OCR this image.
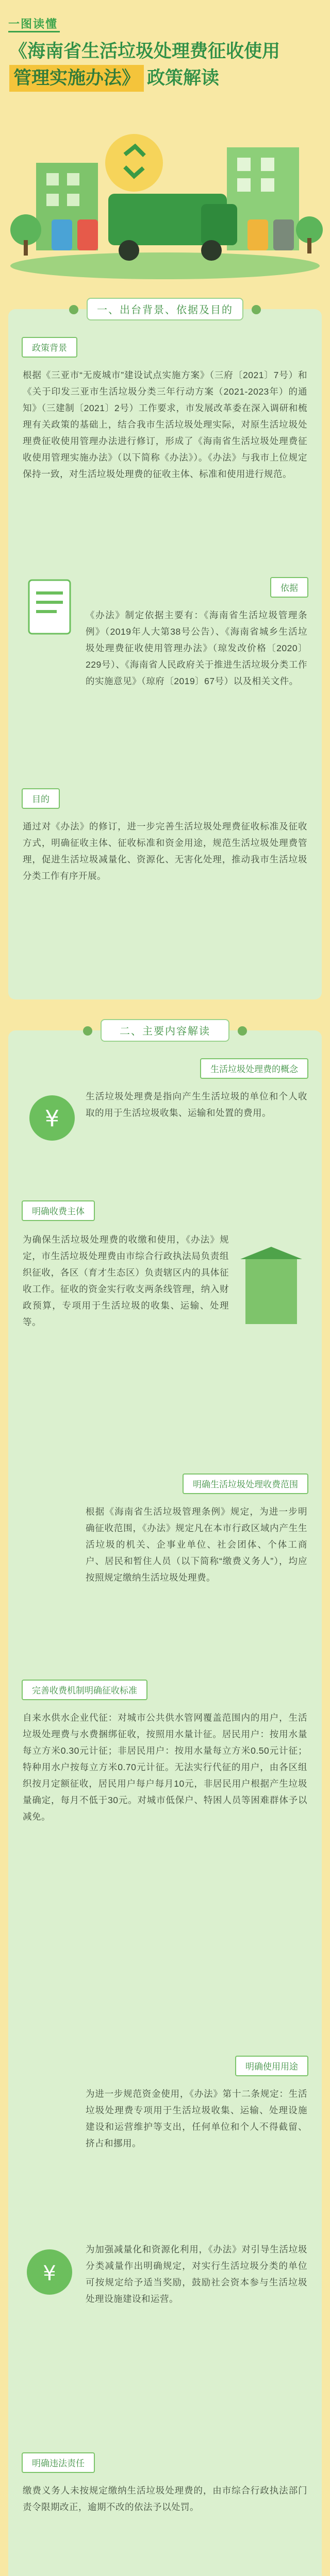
一图读懂
《海南省生活垃圾处理费征收使用
管理实施办法》 政策解读
一、出台背景、依据及目的
政策背景
根据《三亚市“无废城市”建设试点实施方案》（三府〔2021〕7号）和《关于印发三亚市生活垃圾分类三年行动方案（2021-2023年）的通知》（三建制〔2021〕2号）工作要求，市发展改革委在深入调研和梳理有关政策的基础上，结合我市生活垃圾处理实际，对原生活垃圾处理费征收使用管理办法进行修订，形成了《海南省生活垃圾处理费征收使用管理实施办法》（以下简称《办法》）。《办法》与我市上位规定保持一致，对生活垃圾处理费的征收主体、标准和使用进行规范。
依据
《办法》制定依据主要有：《海南省生活垃圾管理条例》（2019年人大第38号公告）、《海南省城乡生活垃圾处理费征收使用管理办法》（琼发改价格〔2020〕229号）、《海南省人民政府关于推进生活垃圾分类工作的实施意见》（琼府〔2019〕67号）以及相关文件。
目的
通过对《办法》的修订，进一步完善生活垃圾处理费征收标准及征收方式，明确征收主体、征收标准和资金用途，规范生活垃圾处理费管理，促进生活垃圾减量化、资源化、无害化处理，推动我市生活垃圾分类工作有序开展。
二、主要内容解读
生活垃圾处理费的概念
¥
生活垃圾处理费是指向产生生活垃圾的单位和个人收取的用于生活垃圾收集、运输和处置的费用。
明确收费主体
为确保生活垃圾处理费的收缴和使用，《办法》规定，市生活垃圾处理费由市综合行政执法局负责组织征收，各区（育才生态区）负责辖区内的具体征收工作。征收的资金实行收支两条线管理，纳入财政预算，专项用于生活垃圾的收集、运输、处理等。
明确生活垃圾处理收费范围
根据《海南省生活垃圾管理条例》规定，为进一步明确征收范围，《办法》规定凡在本市行政区域内产生生活垃圾的机关、企事业单位、社会团体、个体工商户、居民和暂住人员（以下简称“缴费义务人”），均应按照规定缴纳生活垃圾处理费。
完善收费机制明确征收标准
自来水供水企业代征：对城市公共供水管网覆盖范围内的用户，生活垃圾处理费与水费捆绑征收，按照用水量计征。居民用户：按用水量每立方米0.30元计征；非居民用户：按用水量每立方米0.50元计征；特种用水户按每立方米0.70元计征。无法实行代征的用户，由各区组织按月定额征收，居民用户每户每月10元，非居民用户根据产生垃圾量确定，每月不低于30元。对城市低保户、特困人员等困难群体予以减免。
明确使用用途
为进一步规范资金使用，《办法》第十二条规定：生活垃圾处理费专项用于生活垃圾收集、运输、处理设施建设和运营维护等支出，任何单位和个人不得截留、挤占和挪用。
¥
为加强减量化和资源化利用，《办法》对引导生活垃圾分类减量作出明确规定，对实行生活垃圾分类的单位可按规定给予适当奖励，鼓励社会资本参与生活垃圾处理设施建设和运营。
明确违法责任
缴费义务人未按规定缴纳生活垃圾处理费的，由市综合行政执法部门责令限期改正，逾期不改的依法予以处罚。
